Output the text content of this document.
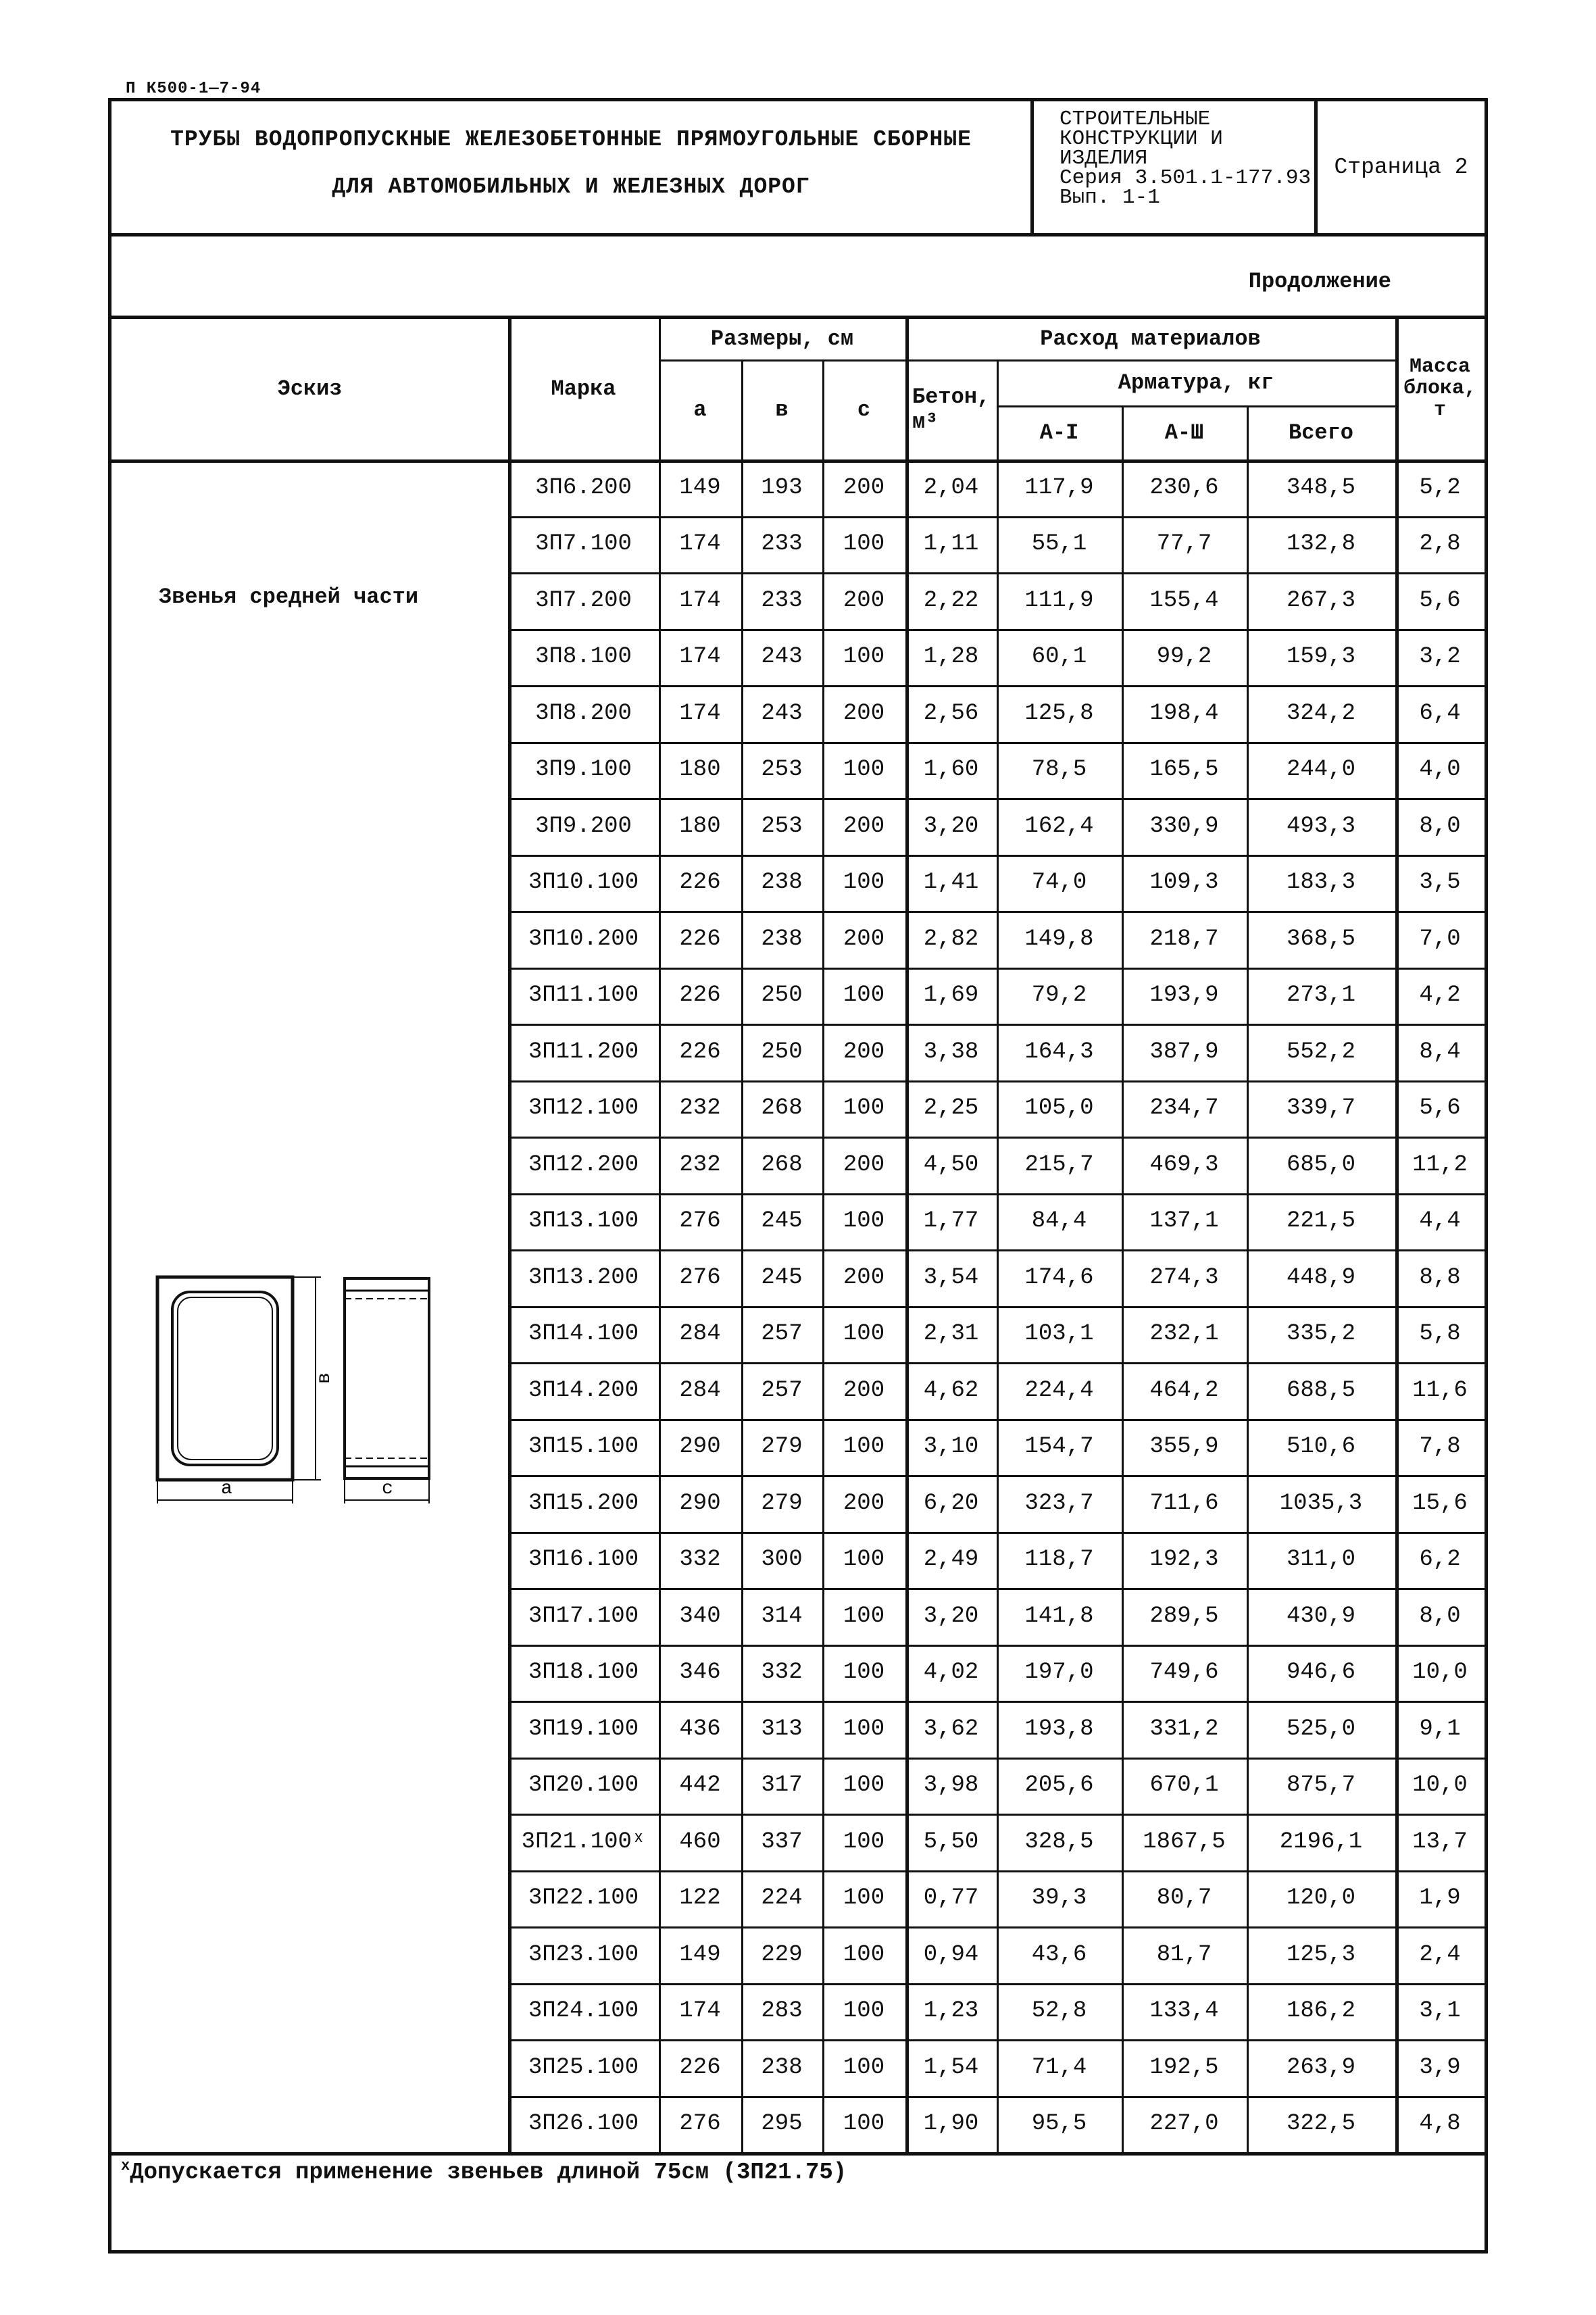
П К500-1—7-94
ТРУБЫ ВОДОПРОПУСКНЫЕ ЖЕЛЕЗОБЕТОННЫЕ ПРЯМОУГОЛЬНЫЕ СБОРНЫЕ
ДЛЯ АВТОМОБИЛЬНЫХ И ЖЕЛЕЗНЫХ ДОРОГ
СТРОИТЕЛЬНЫЕ
КОНСТРУКЦИИ И
ИЗДЕЛИЯ
Серия 3.501.1-177.93
Вып. 1-1
Страница 2
Продолжение
Эскиз	Марка
Размеры, см
а	в	с
Расход материалов
Бетон,
м³
Арматура, кг
А-I	А-Ш	Всего
Масса
блока,
т
3П6.200	149	193	200	2,04	117,9	230,6	348,5	5,2
3П7.100	174	233	100	1,11	55,1	77,7	132,8	2,8
3П7.200	174	233	200	2,22	111,9	155,4	267,3	5,6
3П8.100	174	243	100	1,28	60,1	99,2	159,3	3,2
3П8.200	174	243	200	2,56	125,8	198,4	324,2	6,4
3П9.100	180	253	100	1,60	78,5	165,5	244,0	4,0
3П9.200	180	253	200	3,20	162,4	330,9	493,3	8,0
3П10.100	226	238	100	1,41	74,0	109,3	183,3	3,5
3П10.200	226	238	200	2,82	149,8	218,7	368,5	7,0
3П11.100	226	250	100	1,69	79,2	193,9	273,1	4,2
3П11.200	226	250	200	3,38	164,3	387,9	552,2	8,4
3П12.100	232	268	100	2,25	105,0	234,7	339,7	5,6
3П12.200	232	268	200	4,50	215,7	469,3	685,0	11,2
3П13.100	276	245	100	1,77	84,4	137,1	221,5	4,4
3П13.200	276	245	200	3,54	174,6	274,3	448,9	8,8
3П14.100	284	257	100	2,31	103,1	232,1	335,2	5,8
3П14.200	284	257	200	4,62	224,4	464,2	688,5	11,6
3П15.100	290	279	100	3,10	154,7	355,9	510,6	7,8
3П15.200	290	279	200	6,20	323,7	711,6	1035,3	15,6
3П16.100	332	300	100	2,49	118,7	192,3	311,0	6,2
3П17.100	340	314	100	3,20	141,8	289,5	430,9	8,0
3П18.100	346	332	100	4,02	197,0	749,6	946,6	10,0
3П19.100	436	313	100	3,62	193,8	331,2	525,0	9,1
3П20.100	442	317	100	3,98	205,6	670,1	875,7	10,0
3П21.100ˣ	460	337	100	5,50	328,5	1867,5	2196,1	13,7
3П22.100	122	224	100	0,77	39,3	80,7	120,0	1,9
3П23.100	149	229	100	0,94	43,6	81,7	125,3	2,4
3П24.100	174	283	100	1,23	52,8	133,4	186,2	3,1
3П25.100	226	238	100	1,54	71,4	192,5	263,9	3,9
3П26.100	276	295	100	1,90	95,5	227,0	322,5	4,8
Звенья средней части
а
в
с
$^x$Допускается применение звеньев длиной 75см (3П21.75)
